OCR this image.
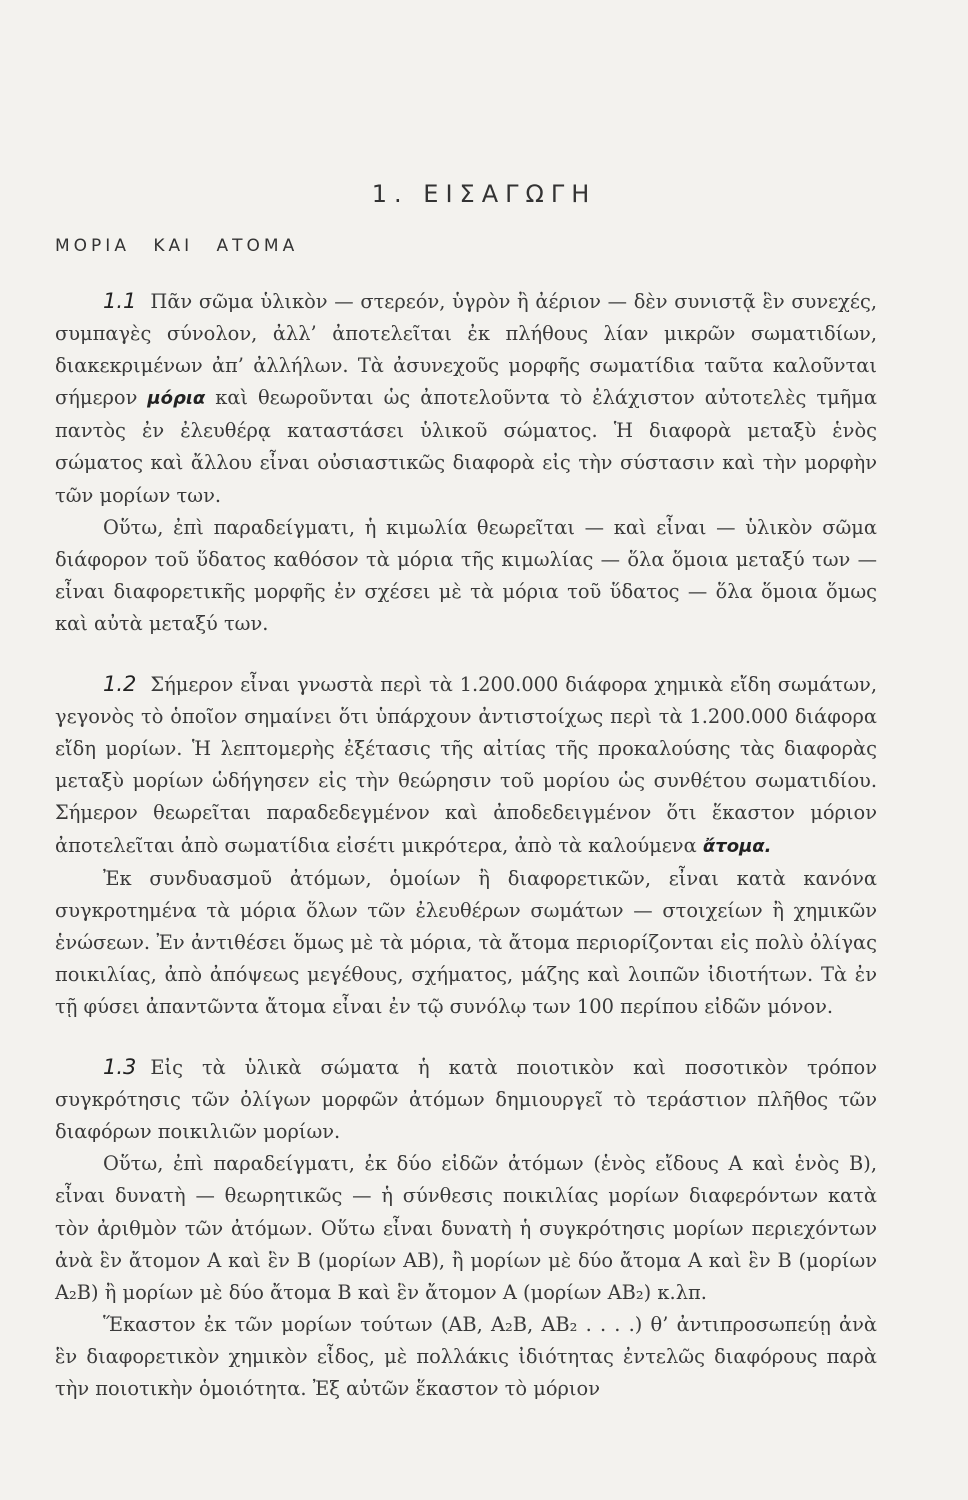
1. ΕΙΣΑΓΩΓΗ
ΜΟΡΙΑ ΚΑΙ ΑΤΟΜΑ

1.1 Πᾶν σῶμα ὑλικὸν — στερεόν, ὑγρὸν ἢ ἀέριον — δὲν συνιστᾷ ἓν συνεχές, συμπαγὲς σύνολον, ἀλλ’ ἀποτελεῖται ἐκ πλήθους λίαν μικρῶν σωματιδίων, διακεκριμένων ἀπ’ ἀλλήλων. Τὰ ἀσυνεχοῦς μορφῆς σωματίδια ταῦτα καλοῦνται σήμερον μόρια καὶ θεωροῦνται ὡς ἀποτελοῦντα τὸ ἐλάχιστον αὐτοτελὲς τμῆμα παντὸς ἐν ἐλευθέρᾳ καταστάσει ὑλικοῦ σώματος. Ἡ διαφορὰ μεταξὺ ἑνὸς σώματος καὶ ἄλλου εἶναι οὐσιαστικῶς διαφορὰ εἰς τὴν σύστασιν καὶ τὴν μορφὴν τῶν μορίων των.

Οὕτω, ἐπὶ παραδείγματι, ἡ κιμωλία θεωρεῖται — καὶ εἶναι — ὑλικὸν σῶμα διάφορον τοῦ ὕδατος καθόσον τὰ μόρια τῆς κιμωλίας — ὅλα ὅμοια μεταξύ των — εἶναι διαφορετικῆς μορφῆς ἐν σχέσει μὲ τὰ μόρια τοῦ ὕδατος — ὅλα ὅμοια ὅμως καὶ αὐτὰ μεταξύ των.

1.2 Σήμερον εἶναι γνωστὰ περὶ τὰ 1.200.000 διάφορα χημικὰ εἴδη σωμάτων, γεγονὸς τὸ ὁποῖον σημαίνει ὅτι ὑπάρχουν ἀντιστοίχως περὶ τὰ 1.200.000 διάφορα εἴδη μορίων. Ἡ λεπτομερὴς ἐξέτασις τῆς αἰτίας τῆς προκαλούσης τὰς διαφορὰς μεταξὺ μορίων ὡδήγησεν εἰς τὴν θεώρησιν τοῦ μορίου ὡς συνθέτου σωματιδίου. Σήμερον θεωρεῖται παραδεδεγμένον καὶ ἀποδεδειγμένον ὅτι ἕκαστον μόριον ἀποτελεῖται ἀπὸ σωματίδια εἰσέτι μικρότερα, ἀπὸ τὰ καλούμενα ἄτομα.

Ἐκ συνδυασμοῦ ἀτόμων, ὁμοίων ἢ διαφορετικῶν, εἶναι κατὰ κανόνα συγκροτημένα τὰ μόρια ὅλων τῶν ἐλευθέρων σωμάτων — στοιχείων ἢ χημικῶν ἑνώσεων. Ἐν ἀντιθέσει ὅμως μὲ τὰ μόρια, τὰ ἄτομα περιορίζονται εἰς πολὺ ὀλίγας ποικιλίας, ἀπὸ ἀπόψεως μεγέθους, σχήματος, μάζης καὶ λοιπῶν ἰδιοτήτων. Τὰ ἐν τῇ φύσει ἀπαντῶντα ἄτομα εἶναι ἐν τῷ συνόλῳ των 100 περίπου εἰδῶν μόνον.

1.3 Εἰς τὰ ὑλικὰ σώματα ἡ κατὰ ποιοτικὸν καὶ ποσοτικὸν τρόπον συγκρότησις τῶν ὀλίγων μορφῶν ἀτόμων δημιουργεῖ τὸ τεράστιον πλῆθος τῶν διαφόρων ποικιλιῶν μορίων.

Οὕτω, ἐπὶ παραδείγματι, ἐκ δύο εἰδῶν ἀτόμων (ἑνὸς εἴδους Α καὶ ἑνὸς Β), εἶναι δυνατὴ — θεωρητικῶς — ἡ σύνθεσις ποικιλίας μορίων διαφερόντων κατὰ τὸν ἀριθμὸν τῶν ἀτόμων. Οὕτω εἶναι δυνατὴ ἡ συγκρότησις μορίων περιεχόντων ἀνὰ ἓν ἄτομον Α καὶ ἓν Β (μορίων ΑΒ), ἢ μορίων μὲ δύο ἄτομα Α καὶ ἓν Β (μορίων Α₂Β) ἢ μορίων μὲ δύο ἄτομα Β καὶ ἓν ἄτομον Α (μορίων ΑΒ₂) κ.λπ.

Ἕκαστον ἐκ τῶν μορίων τούτων (ΑΒ, Α₂Β, ΑΒ₂ . . . .) θ’ ἀντιπροσωπεύῃ ἀνὰ ἓν διαφορετικὸν χημικὸν εἶδος, μὲ πολλάκις ἰδιότητας ἐντελῶς διαφόρους παρὰ τὴν ποιοτικὴν ὁμοιότητα. Ἐξ αὐτῶν ἕκαστον τὸ μόριον
